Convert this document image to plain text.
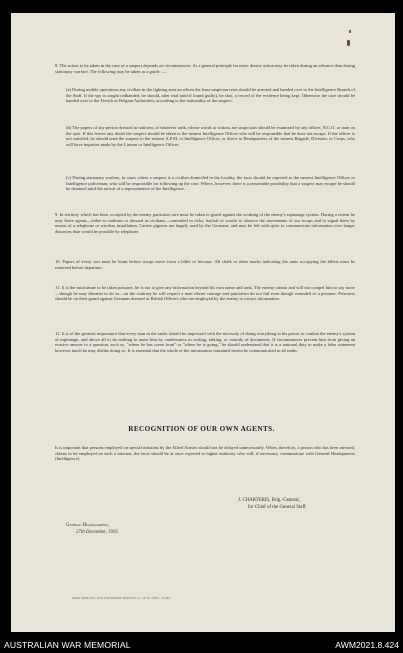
8. The action to be taken in the case of a suspect depends on circumstances. As a general principle far more drastic action may be taken during an advance than during stationary warfare. The following may be taken as a guide :—

(a) During mobile operations any civilian in the fighting area on whom the least suspicion rests should be arrested and handed over to the Intelligence Branch of the Staff. If the spy is caught redhanded, he should, after trial (and if found guilty), be shot, a record of the evidence being kept. Otherwise the case should be handed over to the French or Belgian Authorities, according to the nationality of the suspect.

(b) The papers of any person dressed in uniform, of whatever rank, whose words or actions are suspicious should be examined by any officer, N.C.O. or man on the spot. If this leaves any doubt the suspect should be taken to the nearest Intelligence Officer who will be responsible that he does not escape. If the officer is not satisfied, he should send the suspect to the nearest A.P.M. or Intelligence Officer, or direct to Headquarters of the nearest Brigade, Division, or Corps, who will have inquiries made by the Liaison or Intelligence Officer.

(c) During stationary warfare, in cases where a suspect is a civilian domiciled in the locality, the facts should be reported to the nearest Intelligence Officer or Intelligence policeman, who will be responsible for following up the case. Where, however, there is a reasonable possibility that a suspect may escape he should be detained until the arrival of a representative of the Intelligence.

9. In territory which has been occupied by the enemy particular care must be taken to guard against the working of the enemy's espionage system. During a retreat he may leave agents—either in uniform or dressed as civilians—concealed in ricks, hayloft or woods to observe the movements of our troops and to signal them by means of a telephone or wireless installation. Carrier pigeons are largely used by the Germans, and may be left with spies to communicate information over longer distances than would be possible by telephone.

10. Papers of every sort must be burnt before troops move from a billet or bivouac. All chalk or other marks indicating the units occupying the billets must be removed before departure.

11. It is the misfortune to be taken prisoner, he is not to give any information beyond his own name and rank. The enemy cannot and will not compel him to say more—though he may threaten to do so—on the contrary he will respect a man whose courage and patriotism do not fail even though wounded or a prisoner. Prisoners should be on their guard against Germans dressed as British Officers who are employed by the enemy to extract information.

12. It is of the greatest importance that every man in the ranks should be impressed with the necessity of doing everything in his power to combat the enemy's system of espionage, and above all to do nothing to assist him by carelessness in writing, talking, or custody of documents. If circumstances prevent him from giving an evasive answer to a question, such as, "where he has come from" or "where he is going," he should understand that it is a national duty to make a false statement however much he may dislike doing so. It is essential that the whole of the information contained herein be communicated to all ranks.

RECOGNITION OF OUR OWN AGENTS.

It is important that persons employed on special missions by the Allied Armies should not be delayed unnecessarily. When, therefore, a person who has been arrested, claims to be employed on such a mission, the facts should be at once reported to higher authority who will, if necessary, communicate with General Headquarters (Intelligence).

J. CHARTERIS, Brig.-General,
for Chief of the General Staff.
General Headquarters,
27th December, 1916.
ARMY PRINTING AND STATIONERY SERVICES A—12/16—9829—11,000.
AUSTRALIAN WAR MEMORIAL	AWM2021.8.424
